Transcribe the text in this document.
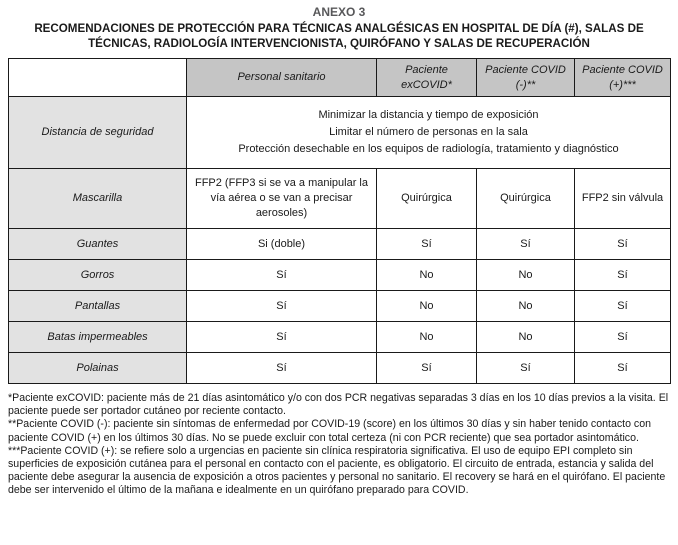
ANEXO 3
RECOMENDACIONES DE PROTECCIÓN PARA TÉCNICAS ANALGÉSICAS EN HOSPITAL DE DÍA (#), SALAS DE TÉCNICAS, RADIOLOGÍA INTERVENCIONISTA, QUIRÓFANO Y SALAS DE RECUPERACIÓN
	Personal sanitario	Paciente exCOVID*	Paciente COVID (-)**	Paciente COVID (+)***
Distancia de seguridad	Minimizar la distancia y tiempo de exposición
Limitar el número de personas en la sala
Protección desechable en los equipos de radiología, tratamiento y diagnóstico			

Mascarilla	FFP2 (FFP3 si se va a manipular la vía aérea o se van a precisar aerosoles)	Quirúrgica	Quirúrgica	FFP2 sin válvula
Guantes	Si (doble)	Sí	Sí	Sí
Gorros	Sí	No	No	Sí
Pantallas	Sí	No	No	Sí
Batas impermeables	Sí	No	No	Sí
Polainas	Sí	Sí	Sí	Sí

*Paciente exCOVID: paciente más de 21 días asintomático y/o con dos PCR negativas separadas 3 días en los 10 días previos a la visita. El paciente puede ser portador cutáneo por reciente contacto.

**Paciente COVID (-): paciente sin síntomas de enfermedad por COVID-19 (score) en los últimos 30 días y sin haber tenido contacto con paciente COVID (+) en los últimos 30 días. No se puede excluir con total certeza (ni con PCR reciente) que sea portador asintomático.

***Paciente COVID (+): se refiere solo a urgencias en paciente sin clínica respiratoria significativa. El uso de equipo EPI completo sin superficies de exposición cutánea para el personal en contacto con el paciente, es obligatorio. El circuito de entrada, estancia y salida del paciente debe asegurar la ausencia de exposición a otros pacientes y personal no sanitario. El recovery se hará en el quirófano. El paciente debe ser intervenido el último de la mañana e idealmente en un quirófano preparado para COVID.
